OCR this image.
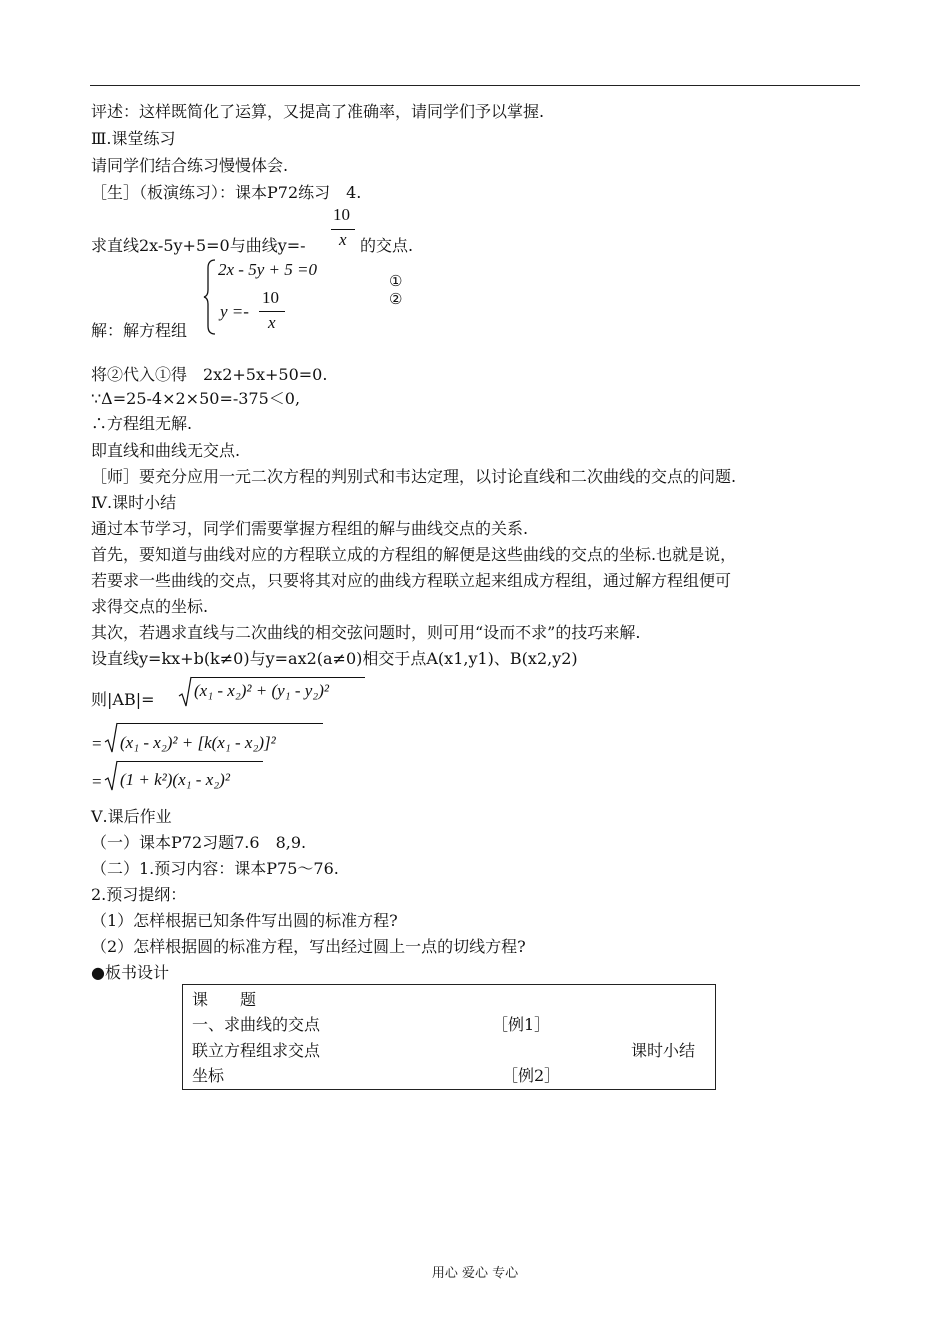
评述：这样既简化了运算，又提高了准确率，请同学们予以掌握.
Ⅲ.课堂练习
请同学们结合练习慢慢体会.
［生］（板演练习）：课本P72练习　4.
求直线2x-5y+5=0与曲线y=-
10
x 的交点.
2x - 5y + 5 =0
y =-
10
x
①
②
解：解方程组
将②代入①得　2x2+5x+50=0.
∵Δ=25-4×2×50=-375＜0,
∴方程组无解.
即直线和曲线无交点.
［师］要充分应用一元二次方程的判别式和韦达定理，以讨论直线和二次曲线的交点的问题.
Ⅳ.课时小结
通过本节学习，同学们需要掌握方程组的解与曲线交点的关系.
首先，要知道与曲线对应的方程联立成的方程组的解便是这些曲线的交点的坐标.也就是说，
若要求一些曲线的交点，只要将其对应的曲线方程联立起来组成方程组，通过解方程组便可
求得交点的坐标.
其次，若遇求直线与二次曲线的相交弦问题时，则可用“设而不求”的技巧来解.
设直线y=kx+b(k≠0)与y=ax2(a≠0)相交于点A(x1,y1)、B(x2,y2)
则|AB|= (x₁ - x₂)² + (y₁ - y₂)²
= (x₁ - x₂)² + [k(x₁ - x₂)]²
= (1 + k²)(x₁ - x₂)²
Ⅴ.课后作业
（一）课本P72习题7.6　8,9.
（二）1.预习内容：课本P75～76.
2.预习提纲：
（1）怎样根据已知条件写出圆的标准方程?
（2）怎样根据圆的标准方程，写出经过圆上一点的切线方程?
●板书设计
课　　题
一、求曲线的交点	［例1］
联立方程组求交点	课时小结
坐标	［例2］
用心 爱心 专心
